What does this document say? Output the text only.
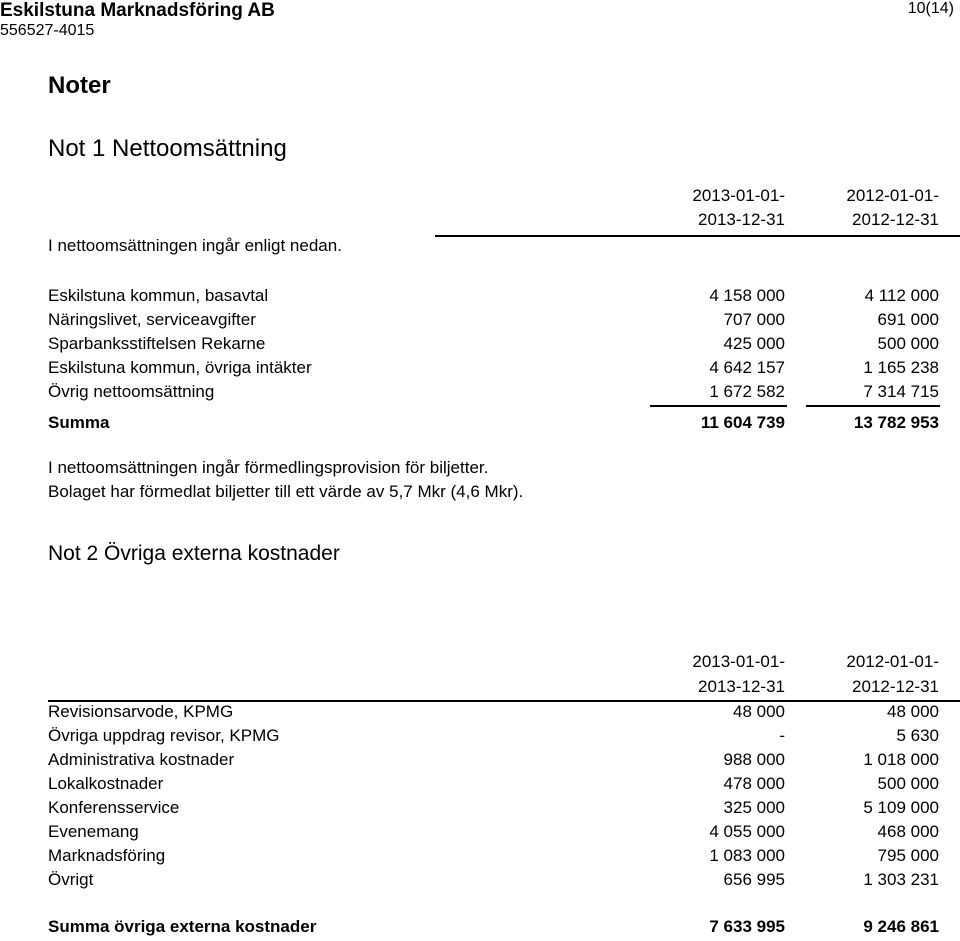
Eskilstuna Marknadsföring AB
556527-4015
10(14)
Noter
Not 1 Nettoomsättning
2013-01-01-
2013-12-31
2012-01-01-
2012-12-31
I nettoomsättningen ingår enligt nedan.
Eskilstuna kommun, basavtal	4 158 000	4 112 000
Näringslivet, serviceavgifter	707 000	691 000
Sparbanksstiftelsen Rekarne	425 000	500 000
Eskilstuna kommun, övriga intäkter	4 642 157	1 165 238
Övrig nettoomsättning	1 672 582	7 314 715
Summa	11 604 739	13 782 953
I nettoomsättningen ingår förmedlingsprovision för biljetter.
Bolaget har förmedlat biljetter till ett värde av 5,7 Mkr (4,6 Mkr).
Not 2 Övriga externa kostnader
2013-01-01-
2013-12-31
2012-01-01-
2012-12-31
Revisionsarvode, KPMG	48 000	48 000
Övriga uppdrag revisor, KPMG	-	5 630
Administrativa kostnader	988 000	1 018 000
Lokalkostnader	478 000	500 000
Konferensservice	325 000	5 109 000
Evenemang	4 055 000	468 000
Marknadsföring	1 083 000	795 000
Övrigt	656 995	1 303 231
Summa övriga externa kostnader	7 633 995	9 246 861
